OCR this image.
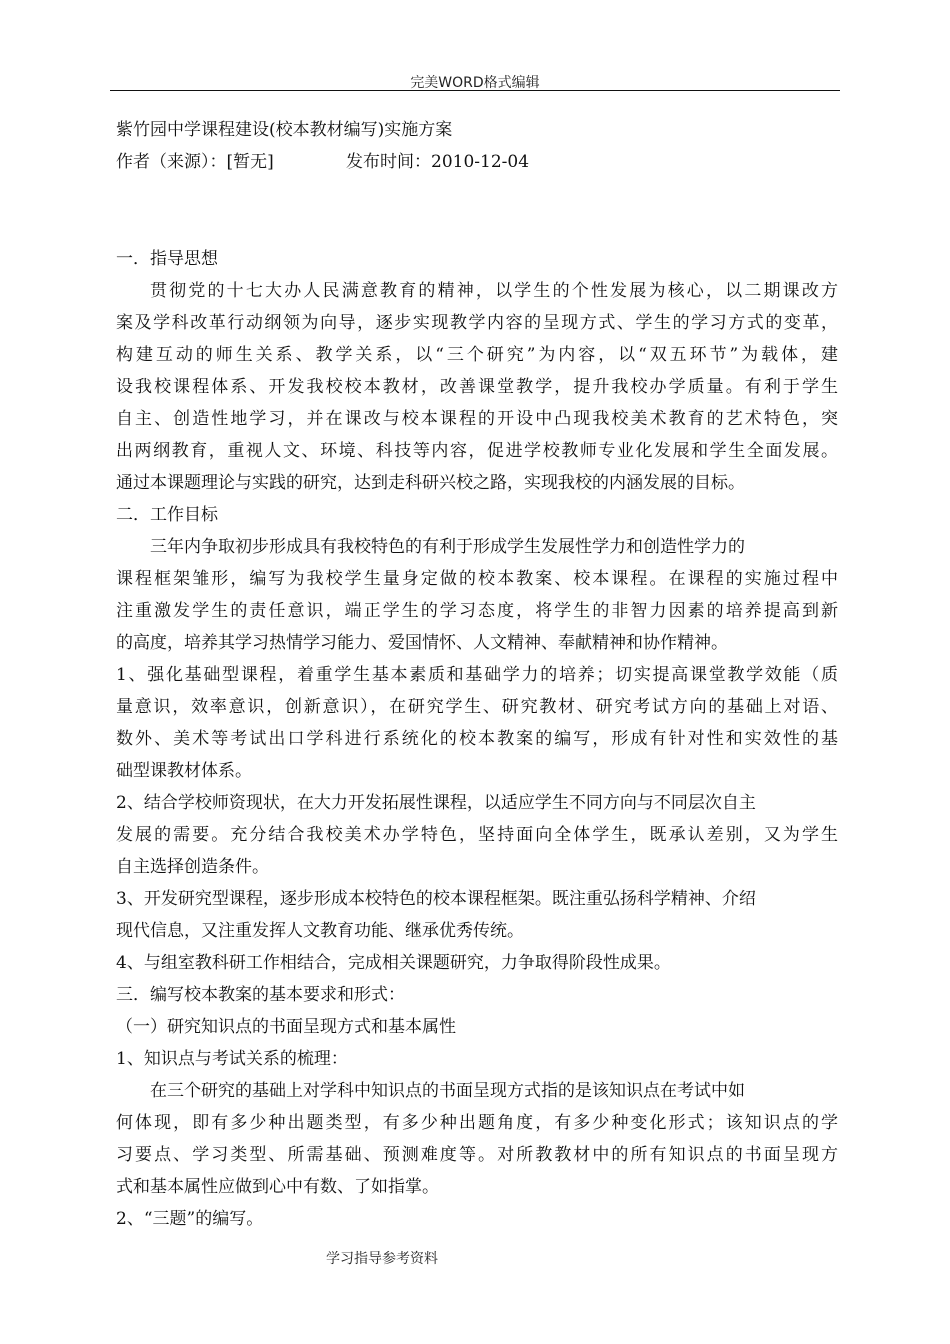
完美WORD格式编辑
紫竹园中学课程建设(校本教材编写)实施方案
作者（来源）：[暂无]	发布时间：2010-12-04
一．指导思想
贯彻党的十七大办人民满意教育的精神，以学生的个性发展为核心，以二期课改方
案及学科改革行动纲领为向导，逐步实现教学内容的呈现方式、学生的学习方式的变革，
构建互动的师生关系、教学关系，以“三个研究”为内容，以“双五环节”为载体，建
设我校课程体系、开发我校校本教材，改善课堂教学，提升我校办学质量。有利于学生
自主、创造性地学习，并在课改与校本课程的开设中凸现我校美术教育的艺术特色，突
出两纲教育，重视人文、环境、科技等内容，促进学校教师专业化发展和学生全面发展。
通过本课题理论与实践的研究，达到走科研兴校之路，实现我校的内涵发展的目标。
二．工作目标
三年内争取初步形成具有我校特色的有利于形成学生发展性学力和创造性学力的
课程框架雏形，编写为我校学生量身定做的校本教案、校本课程。在课程的实施过程中
注重激发学生的责任意识，端正学生的学习态度，将学生的非智力因素的培养提高到新
的高度，培养其学习热情学习能力、爱国情怀、人文精神、奉献精神和协作精神。
1、强化基础型课程，着重学生基本素质和基础学力的培养；切实提高课堂教学效能（质
量意识，效率意识，创新意识），在研究学生、研究教材、研究考试方向的基础上对语、
数外、美术等考试出口学科进行系统化的校本教案的编写，形成有针对性和实效性的基
础型课教材体系。
2、结合学校师资现状，在大力开发拓展性课程，以适应学生不同方向与不同层次自主
发展的需要。充分结合我校美术办学特色，坚持面向全体学生，既承认差别，又为学生
自主选择创造条件。
3、开发研究型课程，逐步形成本校特色的校本课程框架。既注重弘扬科学精神、介绍
现代信息，又注重发挥人文教育功能、继承优秀传统。
4、与组室教科研工作相结合，完成相关课题研究，力争取得阶段性成果。
三．编写校本教案的基本要求和形式：
（一）研究知识点的书面呈现方式和基本属性
1、知识点与考试关系的梳理：
在三个研究的基础上对学科中知识点的书面呈现方式指的是该知识点在考试中如
何体现，即有多少种出题类型，有多少种出题角度，有多少种变化形式；该知识点的学
习要点、学习类型、所需基础、预测难度等。对所教教材中的所有知识点的书面呈现方
式和基本属性应做到心中有数、了如指掌。
2、“三题”的编写。
学习指导参考资料
